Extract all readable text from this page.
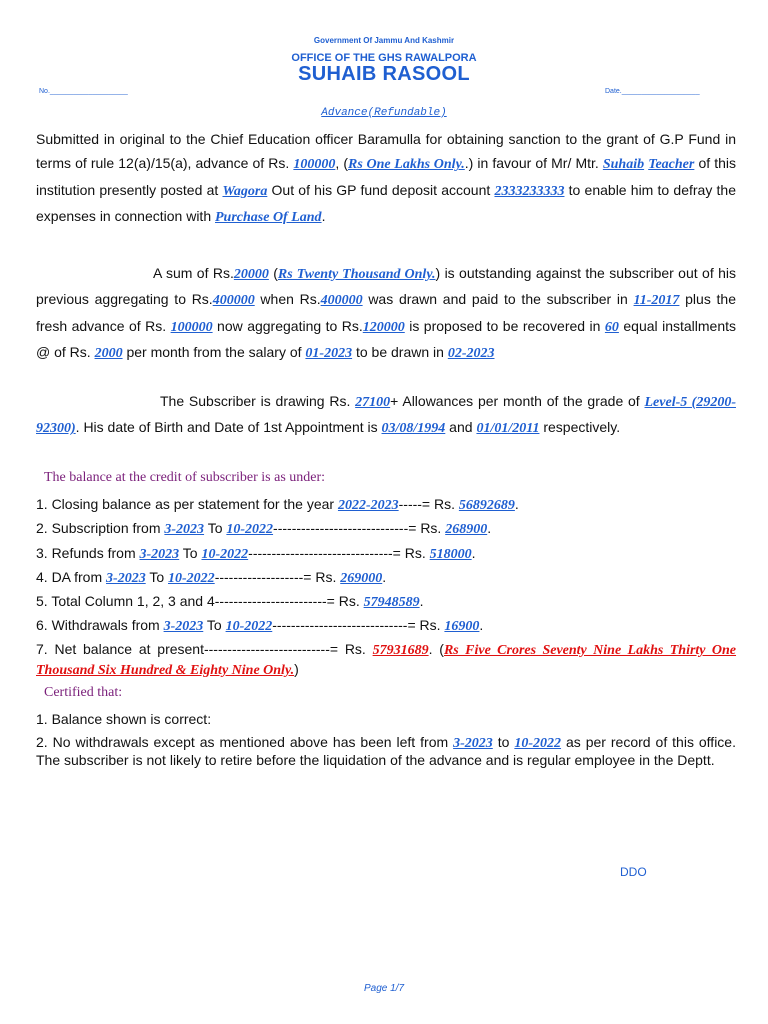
Government Of Jammu And Kashmir
OFFICE OF THE GHS RAWALPORA
SUHAIB RASOOL
No.____________________	Date.____________________
Advance(Refundable)
Submitted in original to the Chief Education officer Baramulla for obtaining sanction to the grant of G.P Fund in terms of rule 12(a)/15(a), advance of Rs. 100000, (Rs One Lakhs Only..) in favour of Mr/ Mtr. Suhaib Teacher of this institution presently posted at Wagora Out of his GP fund deposit account 2333233333 to enable him to defray the expenses in connection with Purchase Of Land.
A sum of Rs.20000 (Rs Twenty Thousand Only.) is outstanding against the subscriber out of his previous aggregating to Rs.400000 when Rs.400000 was drawn and paid to the subscriber in 11-2017 plus the fresh advance of Rs. 100000 now aggregating to Rs.120000 is proposed to be recovered in 60 equal installments @ of Rs. 2000 per month from the salary of 01-2023 to be drawn in 02-2023
The Subscriber is drawing Rs. 27100+ Allowances per month of the grade of Level-5 (29200-92300). His date of Birth and Date of 1st Appointment is 03/08/1994 and 01/01/2011 respectively.
The balance at the credit of subscriber is as under:
1. Closing balance as per statement for the year 2022-2023-----= Rs. 56892689.
2. Subscription from 3-2023 To 10-2022-----------------------------= Rs. 268900.
3. Refunds from 3-2023 To 10-2022-------------------------------= Rs. 518000.
4. DA from 3-2023 To 10-2022-------------------= Rs. 269000.
5. Total Column 1, 2, 3 and 4------------------------= Rs. 57948589.
6. Withdrawals from 3-2023 To 10-2022-----------------------------= Rs. 16900.
7. Net balance at present---------------------------= Rs. 57931689. (Rs Five Crores Seventy Nine Lakhs Thirty One Thousand Six Hundred & Eighty Nine Only.)
Certified that:
1. Balance shown is correct:
2. No withdrawals except as mentioned above has been left from 3-2023 to 10-2022 as per record of this office. The subscriber is not likely to retire before the liquidation of the advance and is regular employee in the Deptt.
DDO
Page 1/7
